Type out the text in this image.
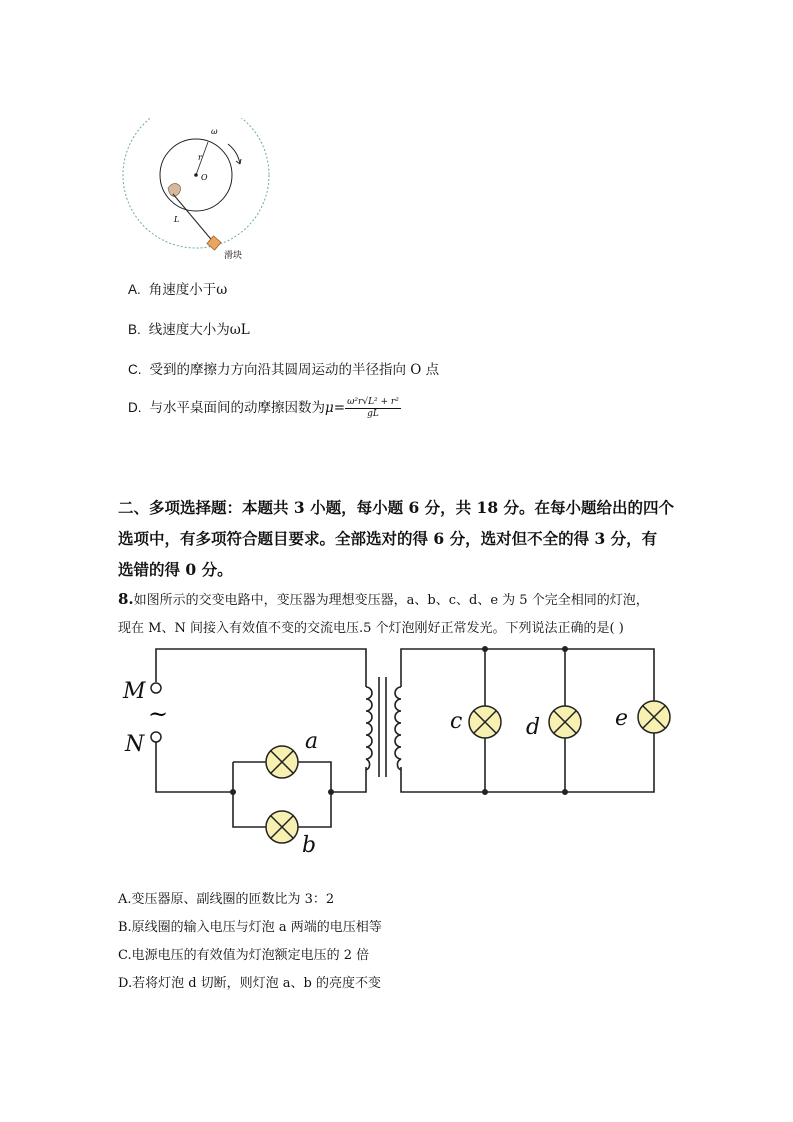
ω
r
O
L
滑块
A. 角速度小于ω
B. 线速度大小为ωL
C. 受到的摩擦力方向沿其圆周运动的半径指向 O 点
D. 与水平桌面间的动摩擦因数为$\mu= \frac{\text{ω²r√L² + r²}}{gL}$
二、多项选择题：本题共 3 小题，每小题 6 分，共 18 分。在每小题给出的四个
选项中，有多项符合题目要求。全部选对的得 6 分，选对但不全的得 3 分，有
选错的得 0 分。
8.如图所示的交变电路中，变压器为理想变压器，a、b、c、d、e 为 5 个完全相同的灯泡，
现在 M、N 间接入有效值不变的交流电压.5 个灯泡刚好正常发光。下列说法正确的是( )
M
N	a
b
c	d	e
~
A.变压器原、副线圈的匝数比为 3：2
B.原线圈的输入电压与灯泡 a 两端的电压相等
C.电源电压的有效值为灯泡额定电压的 2 倍
D.若将灯泡 d 切断，则灯泡 a、b 的亮度不变
